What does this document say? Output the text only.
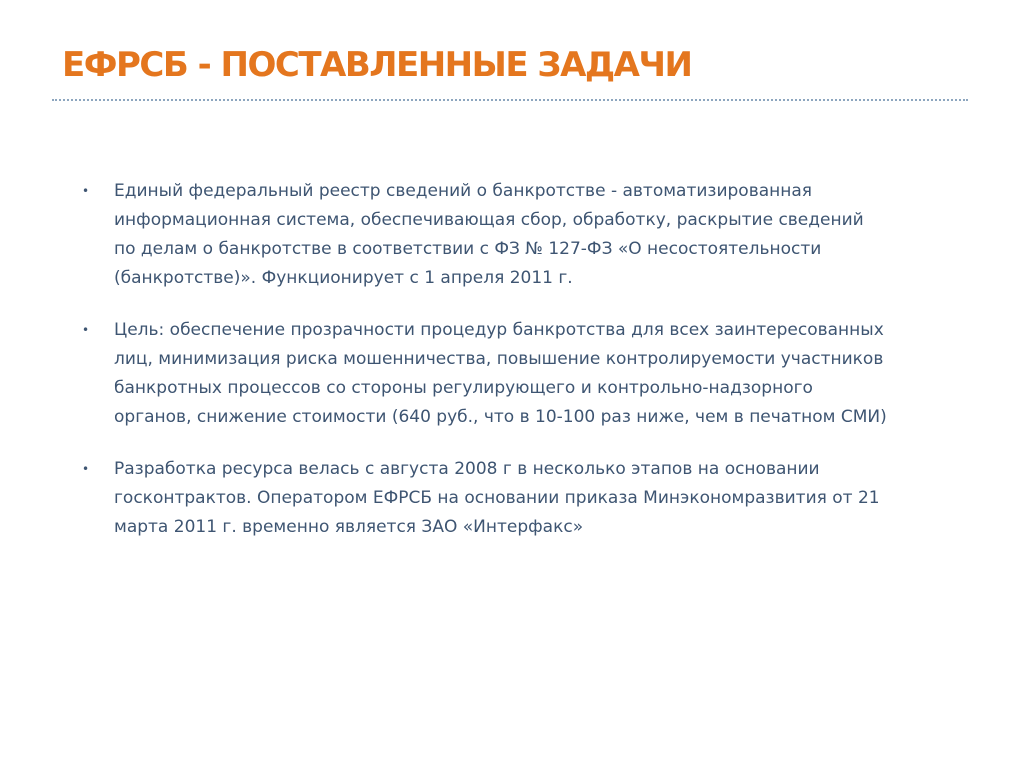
ЕФРСБ - ПОСТАВЛЕННЫЕ ЗАДАЧИ
• Единый федеральный реестр сведений о банкротстве - автоматизированная информационная система, обеспечивающая сбор, обработку, раскрытие сведений по делам о банкротстве в соответствии с ФЗ № 127-ФЗ «О несостоятельности (банкротстве)». Функционирует с 1 апреля 2011 г.
• Цель: обеспечение прозрачности процедур банкротства для всех заинтересованных лиц, минимизация риска мошенничества, повышение контролируемости участников банкротных процессов со стороны регулирующего и контрольно-надзорного органов, снижение стоимости (640 руб., что в 10-100 раз ниже, чем в печатном СМИ)
• Разработка ресурса велась с августа 2008 г в несколько этапов на основании госконтрактов. Оператором ЕФРСБ на основании приказа Минэкономразвития от 21 марта 2011 г. временно является ЗАО «Интерфакс»
